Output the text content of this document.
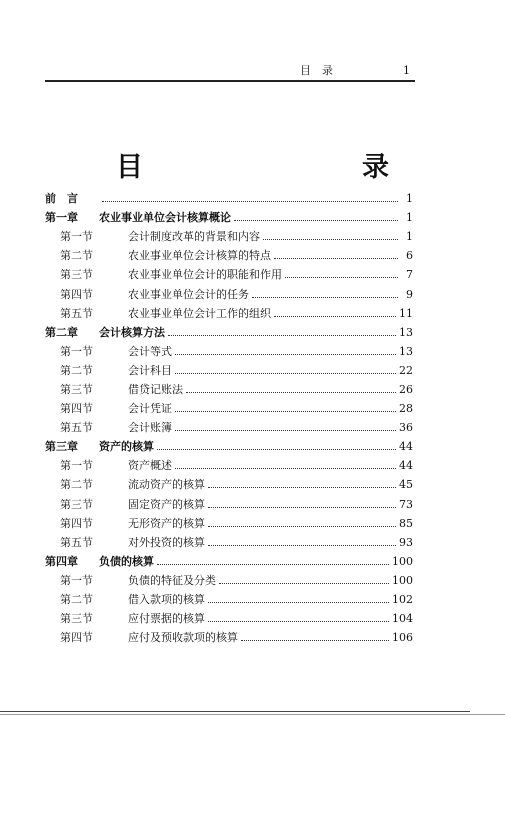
目　录	1
目　　录
前　言	1
第一章	农业事业单位会计核算概论	1
第一节	会计制度改革的背景和内容	1
第二节	农业事业单位会计核算的特点	6
第三节	农业事业单位会计的职能和作用	7
第四节	农业事业单位会计的任务	9
第五节	农业事业单位会计工作的组织	11
第二章	会计核算方法	13
第一节	会计等式	13
第二节	会计科目	22
第三节	借贷记账法	26
第四节	会计凭证	28
第五节	会计账簿	36
第三章	资产的核算	44
第一节	资产概述	44
第二节	流动资产的核算	45
第三节	固定资产的核算	73
第四节	无形资产的核算	85
第五节	对外投资的核算	93
第四章	负债的核算	100
第一节	负债的特征及分类	100
第二节	借入款项的核算	102
第三节	应付票据的核算	104
第四节	应付及预收款项的核算	106
